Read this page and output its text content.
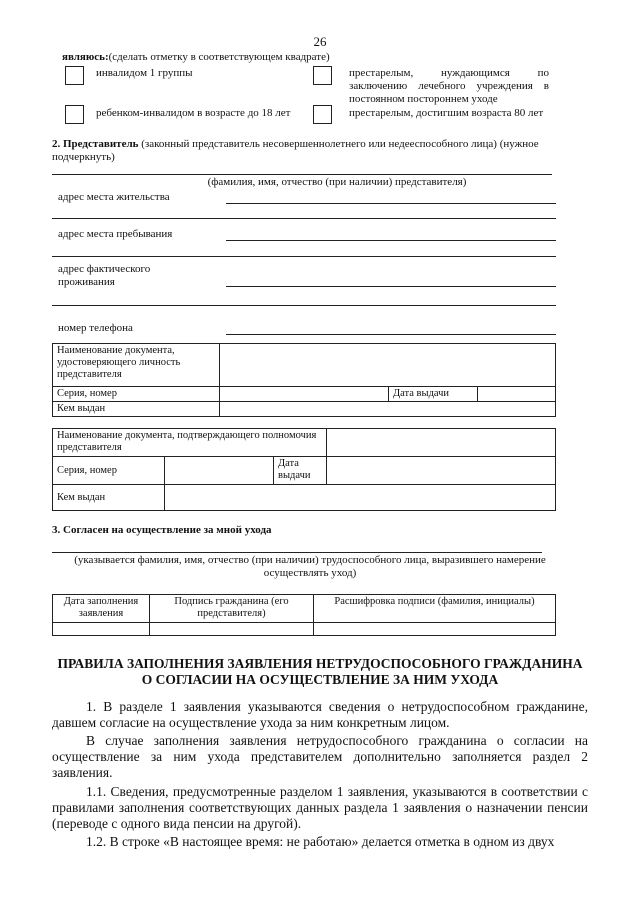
26
являюсь:(сделать отметку в соответствующем квадрате)
инвалидом 1 группы	престарелым, нуждающимся по заключению лечебного учреждения в постоянном постороннем уходе
ребенком-инвалидом в возрасте до 18 лет	престарелым, достигшим возраста 80 лет
2. Представитель (законный представитель несовершеннолетнего или недееспособного лица) (нужное подчеркнуть)
(фамилия, имя, отчество (при наличии) представителя)
адрес места жительства
адрес места пребывания
адрес фактического проживания
номер телефона
Наименование документа, удостоверяющего личность представителя			
Серия, номер		Дата выдачи	
Кем выдан			
Наименование документа, подтверждающего полномочия представителя			
Серия, номер		Дата выдачи	
Кем выдан			
3. Согласен на осуществление за мной ухода
(указывается фамилия, имя, отчество (при наличии) трудоспособного лица, выразившего намерение осуществлять уход)
Дата заполнения заявления	Подпись гражданина (его представителя)	Расшифровка подписи (фамилия, инициалы)

ПРАВИЛА ЗАПОЛНЕНИЯ ЗАЯВЛЕНИЯ НЕТРУДОСПОСОБНОГО ГРАЖДАНИНА О СОГЛАСИИ НА ОСУЩЕСТВЛЕНИЕ ЗА НИМ УХОДА
1. В разделе 1 заявления указываются сведения о нетрудоспособном гражданине, давшем согласие на осуществление ухода за ним конкретным лицом.
В случае заполнения заявления нетрудоспособного гражданина о согласии на осуществление за ним ухода представителем дополнительно заполняется раздел 2 заявления.
1.1. Сведения, предусмотренные разделом 1 заявления, указываются в соответствии с правилами заполнения соответствующих данных раздела 1 заявления о назначении пенсии (переводе с одного вида пенсии на другой).
1.2. В строке «В настоящее время: не работаю» делается отметка в одном из двух
